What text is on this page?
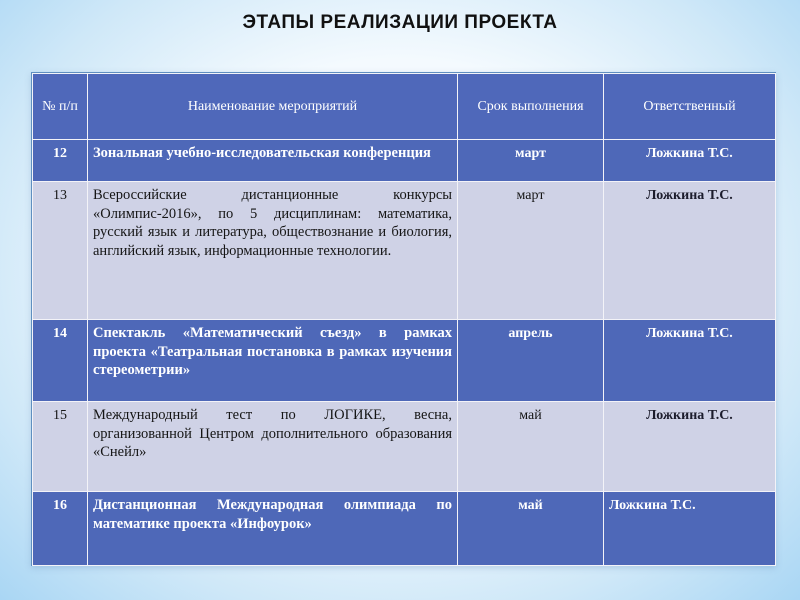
ЭТАПЫ РЕАЛИЗАЦИИ ПРОЕКТА
№ п/п	Наименование мероприятий	Срок выполнения	Ответственный
12	Зональная учебно-исследовательская конференция	март	Ложкина Т.С.
13	Всероссийские дистанционные конкурсы «Олимпис-2016», по 5 дисциплинам: математика, русский язык и литература, обществознание и биология, английский язык, информационные технологии.	март	Ложкина Т.С.
14	Спектакль «Математический съезд» в рамках проекта «Театральная постановка в рамках изучения стереометрии»	апрель	Ложкина Т.С.
15	Международный тест по ЛОГИКЕ, весна, организованной Центром дополнительного образования «Снейл»	май	Ложкина Т.С.
16	Дистанционная Международная олимпиада по математике проекта «Инфоурок»	май	Ложкина Т.С.
